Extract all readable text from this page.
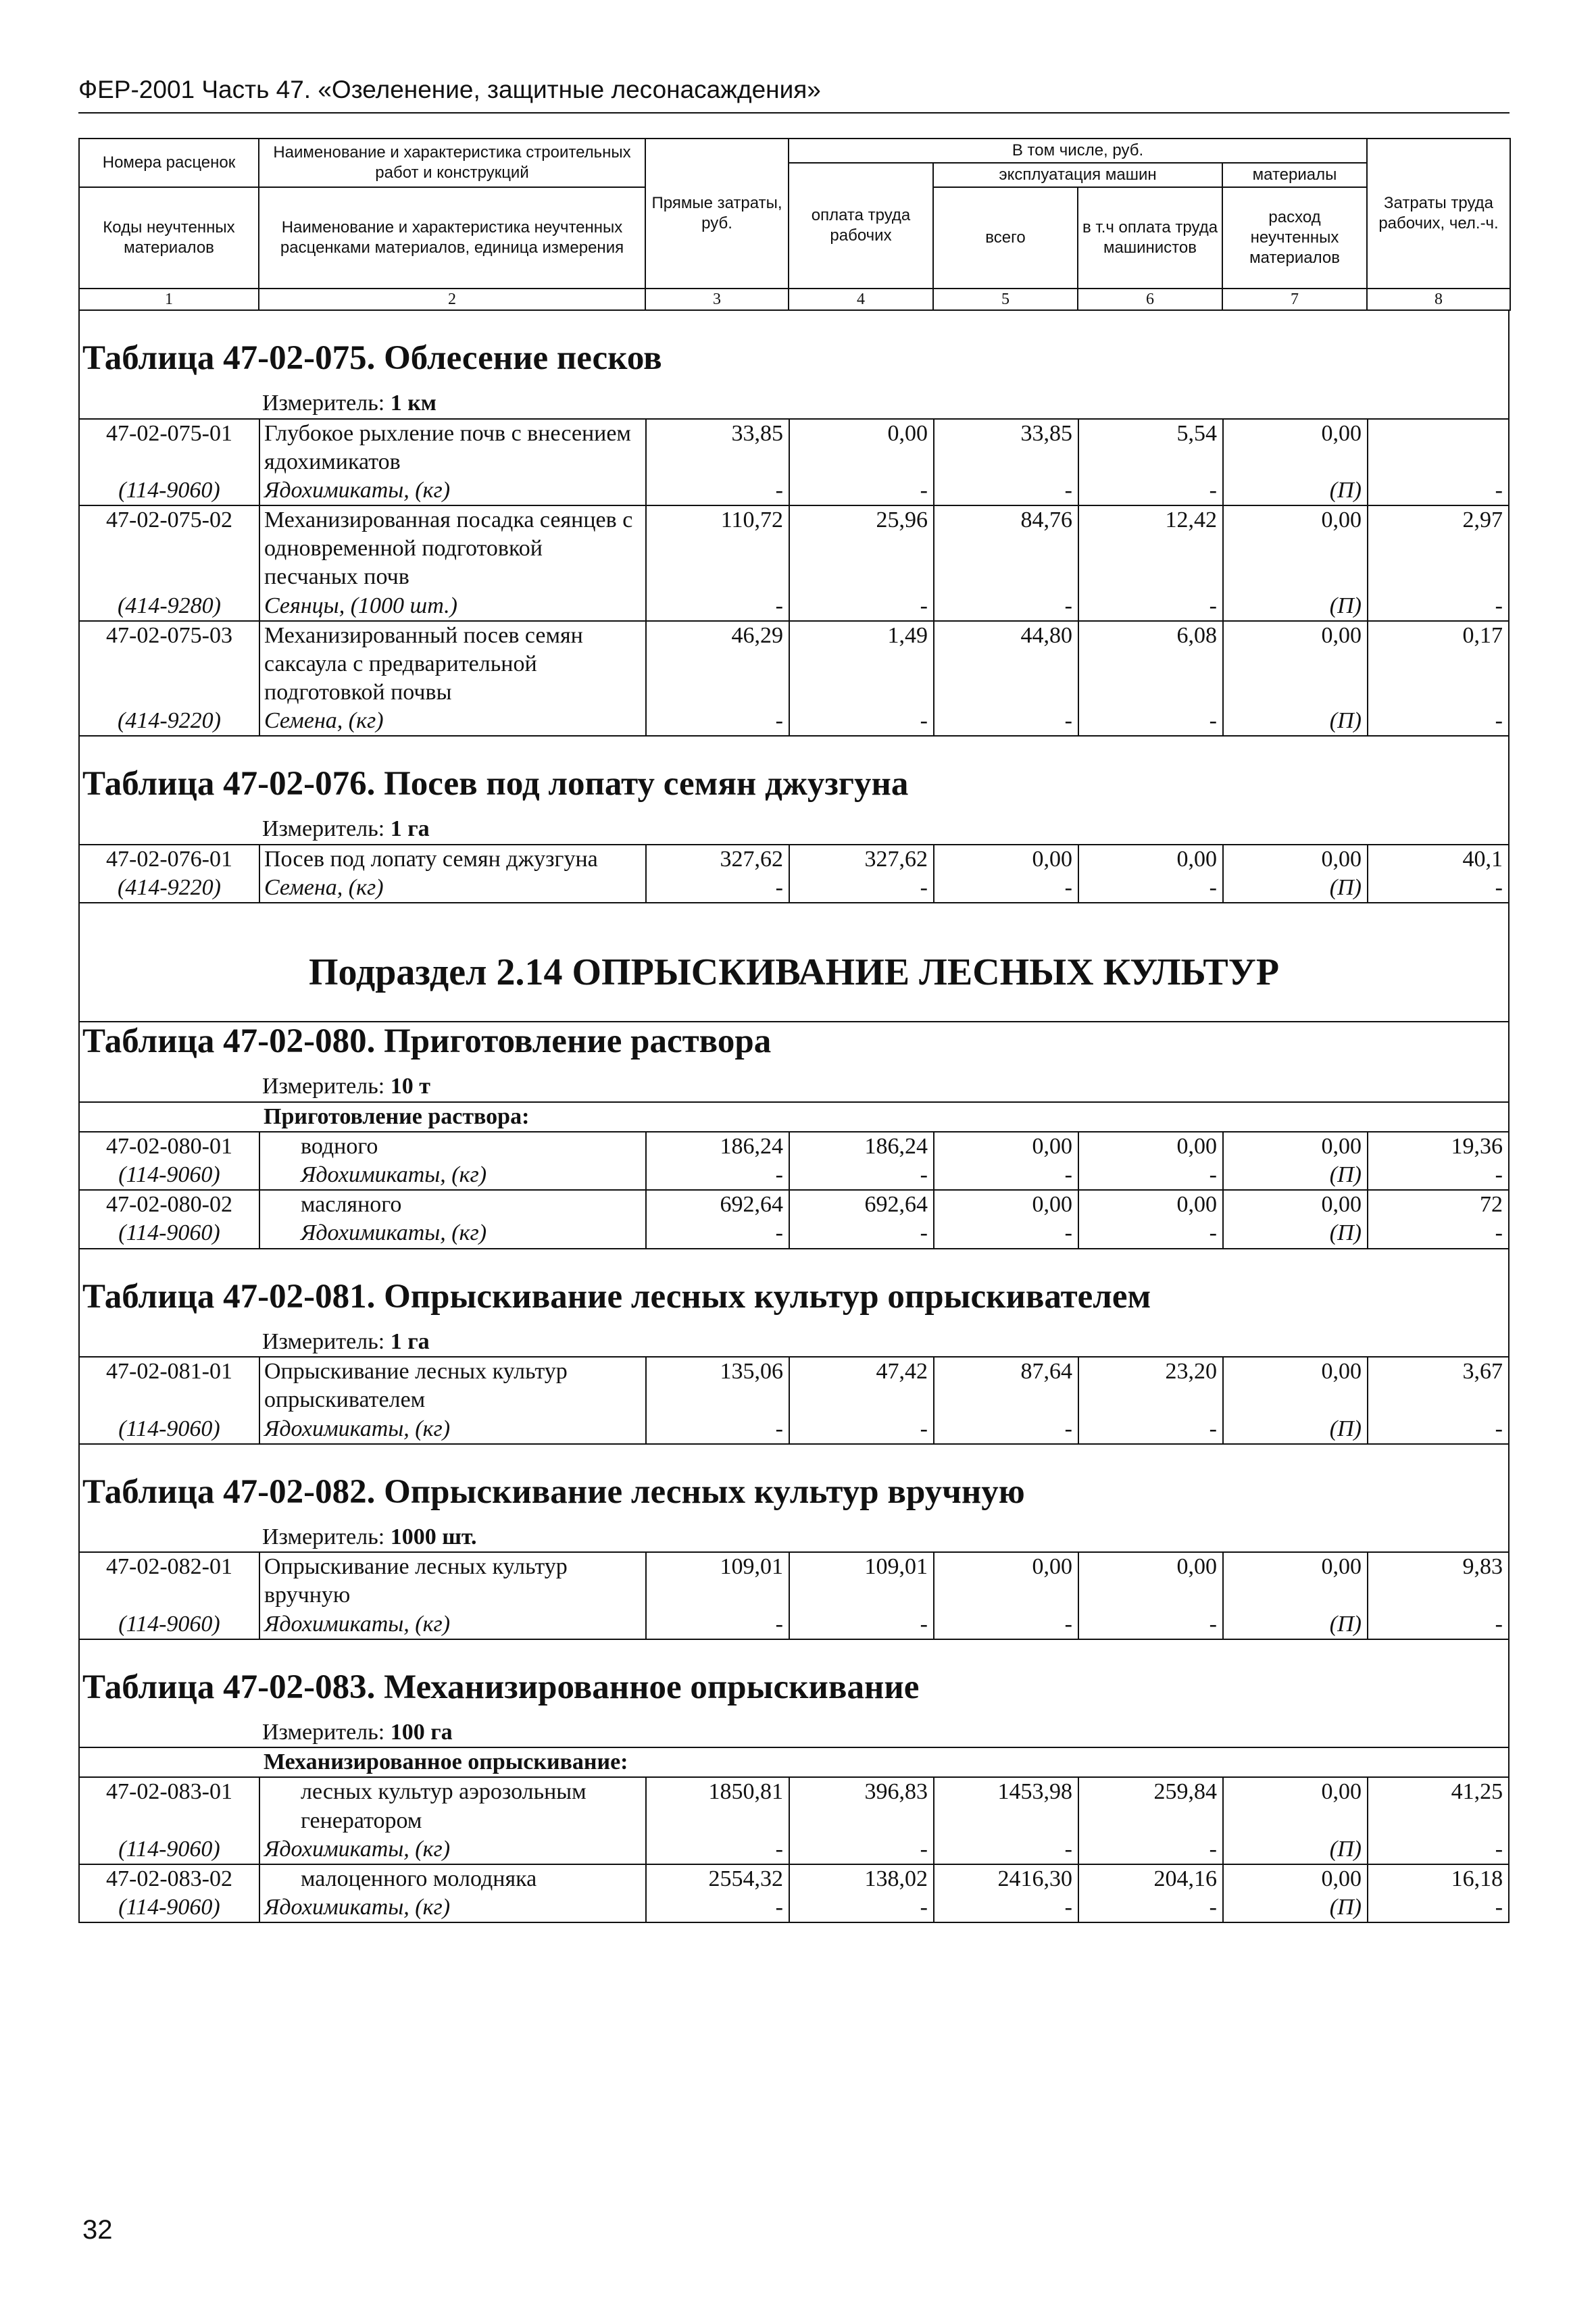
ФЕР-2001 Часть 47. «Озеленение, защитные лесонасаждения»
Номера расценок	Наименование и характеристика строительных работ и конструкций	Прямые затраты, руб.	В том числе, руб.				Затраты труда рабочих, чел.-ч.
			оплата труда рабочих	эксплуатация машин		материалы	
Коды неучтенных материалов	Наименование и характеристика неучтенных расценками материалов, единица измерения			всего	в т.ч оплата труда машинистов	расход неучтенных материалов	

1	2	3	4	5	6	7	8
Таблица 47-02-075. Облесение песков
Измеритель: 1 км
47-02-075-01	Глубокое рыхление почв с внесением ядохимикатов	33,85	0,00	33,85	5,54	0,00	
(114-9060)	Ядохимикаты, (кг)	-	-	-	-	(П)	-
47-02-075-02	Механизированная посадка сеянцев с одновременной подготовкой песчаных почв	110,72	25,96	84,76	12,42	0,00	2,97
(414-9280)	Сеянцы, (1000 шт.)	-	-	-	-	(П)	-
47-02-075-03	Механизированный посев семян саксаула с предварительной подготовкой почвы	46,29	1,49	44,80	6,08	0,00	0,17
(414-9220)	Семена, (кг)	-	-	-	-	(П)	-
Таблица 47-02-076. Посев под лопату семян джузгуна
Измеритель: 1 га
47-02-076-01	Посев под лопату семян джузгуна	327,62	327,62	0,00	0,00	0,00	40,1
(414-9220)	Семена, (кг)	-	-	-	-	(П)	-
Подраздел 2.14 ОПРЫСКИВАНИЕ ЛЕСНЫХ КУЛЬТУР
Таблица 47-02-080. Приготовление раствора
Измеритель: 10 т
	Приготовление раствора:						
47-02-080-01	водного	186,24	186,24	0,00	0,00	0,00	19,36
(114-9060)	Ядохимикаты, (кг)	-	-	-	-	(П)	-
47-02-080-02	масляного	692,64	692,64	0,00	0,00	0,00	72
(114-9060)	Ядохимикаты, (кг)	-	-	-	-	(П)	-
Таблица 47-02-081. Опрыскивание лесных культур опрыскивателем
Измеритель: 1 га
47-02-081-01	Опрыскивание лесных культур опрыскивателем	135,06	47,42	87,64	23,20	0,00	3,67
(114-9060)	Ядохимикаты, (кг)	-	-	-	-	(П)	-
Таблица 47-02-082. Опрыскивание лесных культур вручную
Измеритель: 1000 шт.
47-02-082-01	Опрыскивание лесных культур вручную	109,01	109,01	0,00	0,00	0,00	9,83
(114-9060)	Ядохимикаты, (кг)	-	-	-	-	(П)	-
Таблица 47-02-083. Механизированное опрыскивание
Измеритель: 100 га
	Механизированное опрыскивание:						
47-02-083-01	лесных культур аэрозольным генератором	1850,81	396,83	1453,98	259,84	0,00	41,25
(114-9060)	Ядохимикаты, (кг)	-	-	-	-	(П)	-
47-02-083-02	малоценного молодняка	2554,32	138,02	2416,30	204,16	0,00	16,18
(114-9060)	Ядохимикаты, (кг)	-	-	-	-	(П)	-
32
